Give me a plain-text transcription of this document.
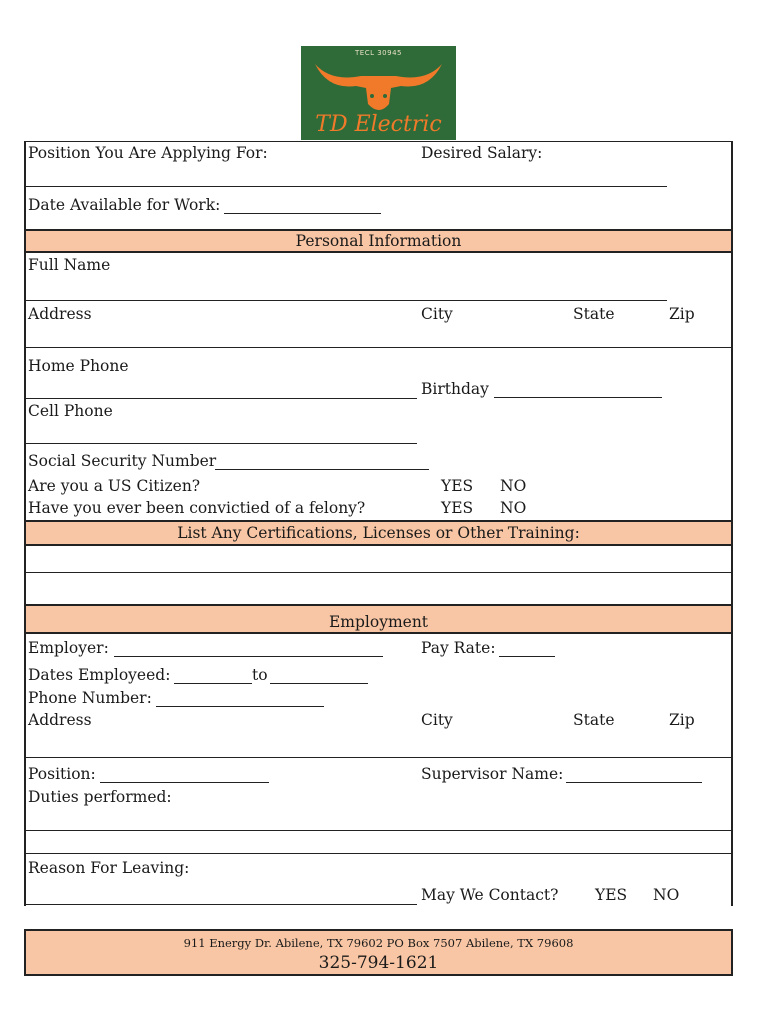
TECL 30945
TD Electric
Position You Are Applying For:	Desired Salary:
Date Available for Work:
Personal Information
Full Name
Address	City	State	Zip
Home Phone
Birthday
Cell Phone
Social Security Number
Are you a US Citizen?	YES NO
Have you ever been convictied of a felony?	YES NO
List Any Certifications, Licenses or Other Training:
Employment
Employer:	Pay Rate:
Dates Employeed:	to
Phone Number:
Address	City	State	Zip
Position:	Supervisor Name:
Duties performed:
Reason For Leaving:
May We Contact? YES NO
911 Energy Dr. Abilene, TX 79602 PO Box 7507 Abilene, TX 79608
325-794-1621
